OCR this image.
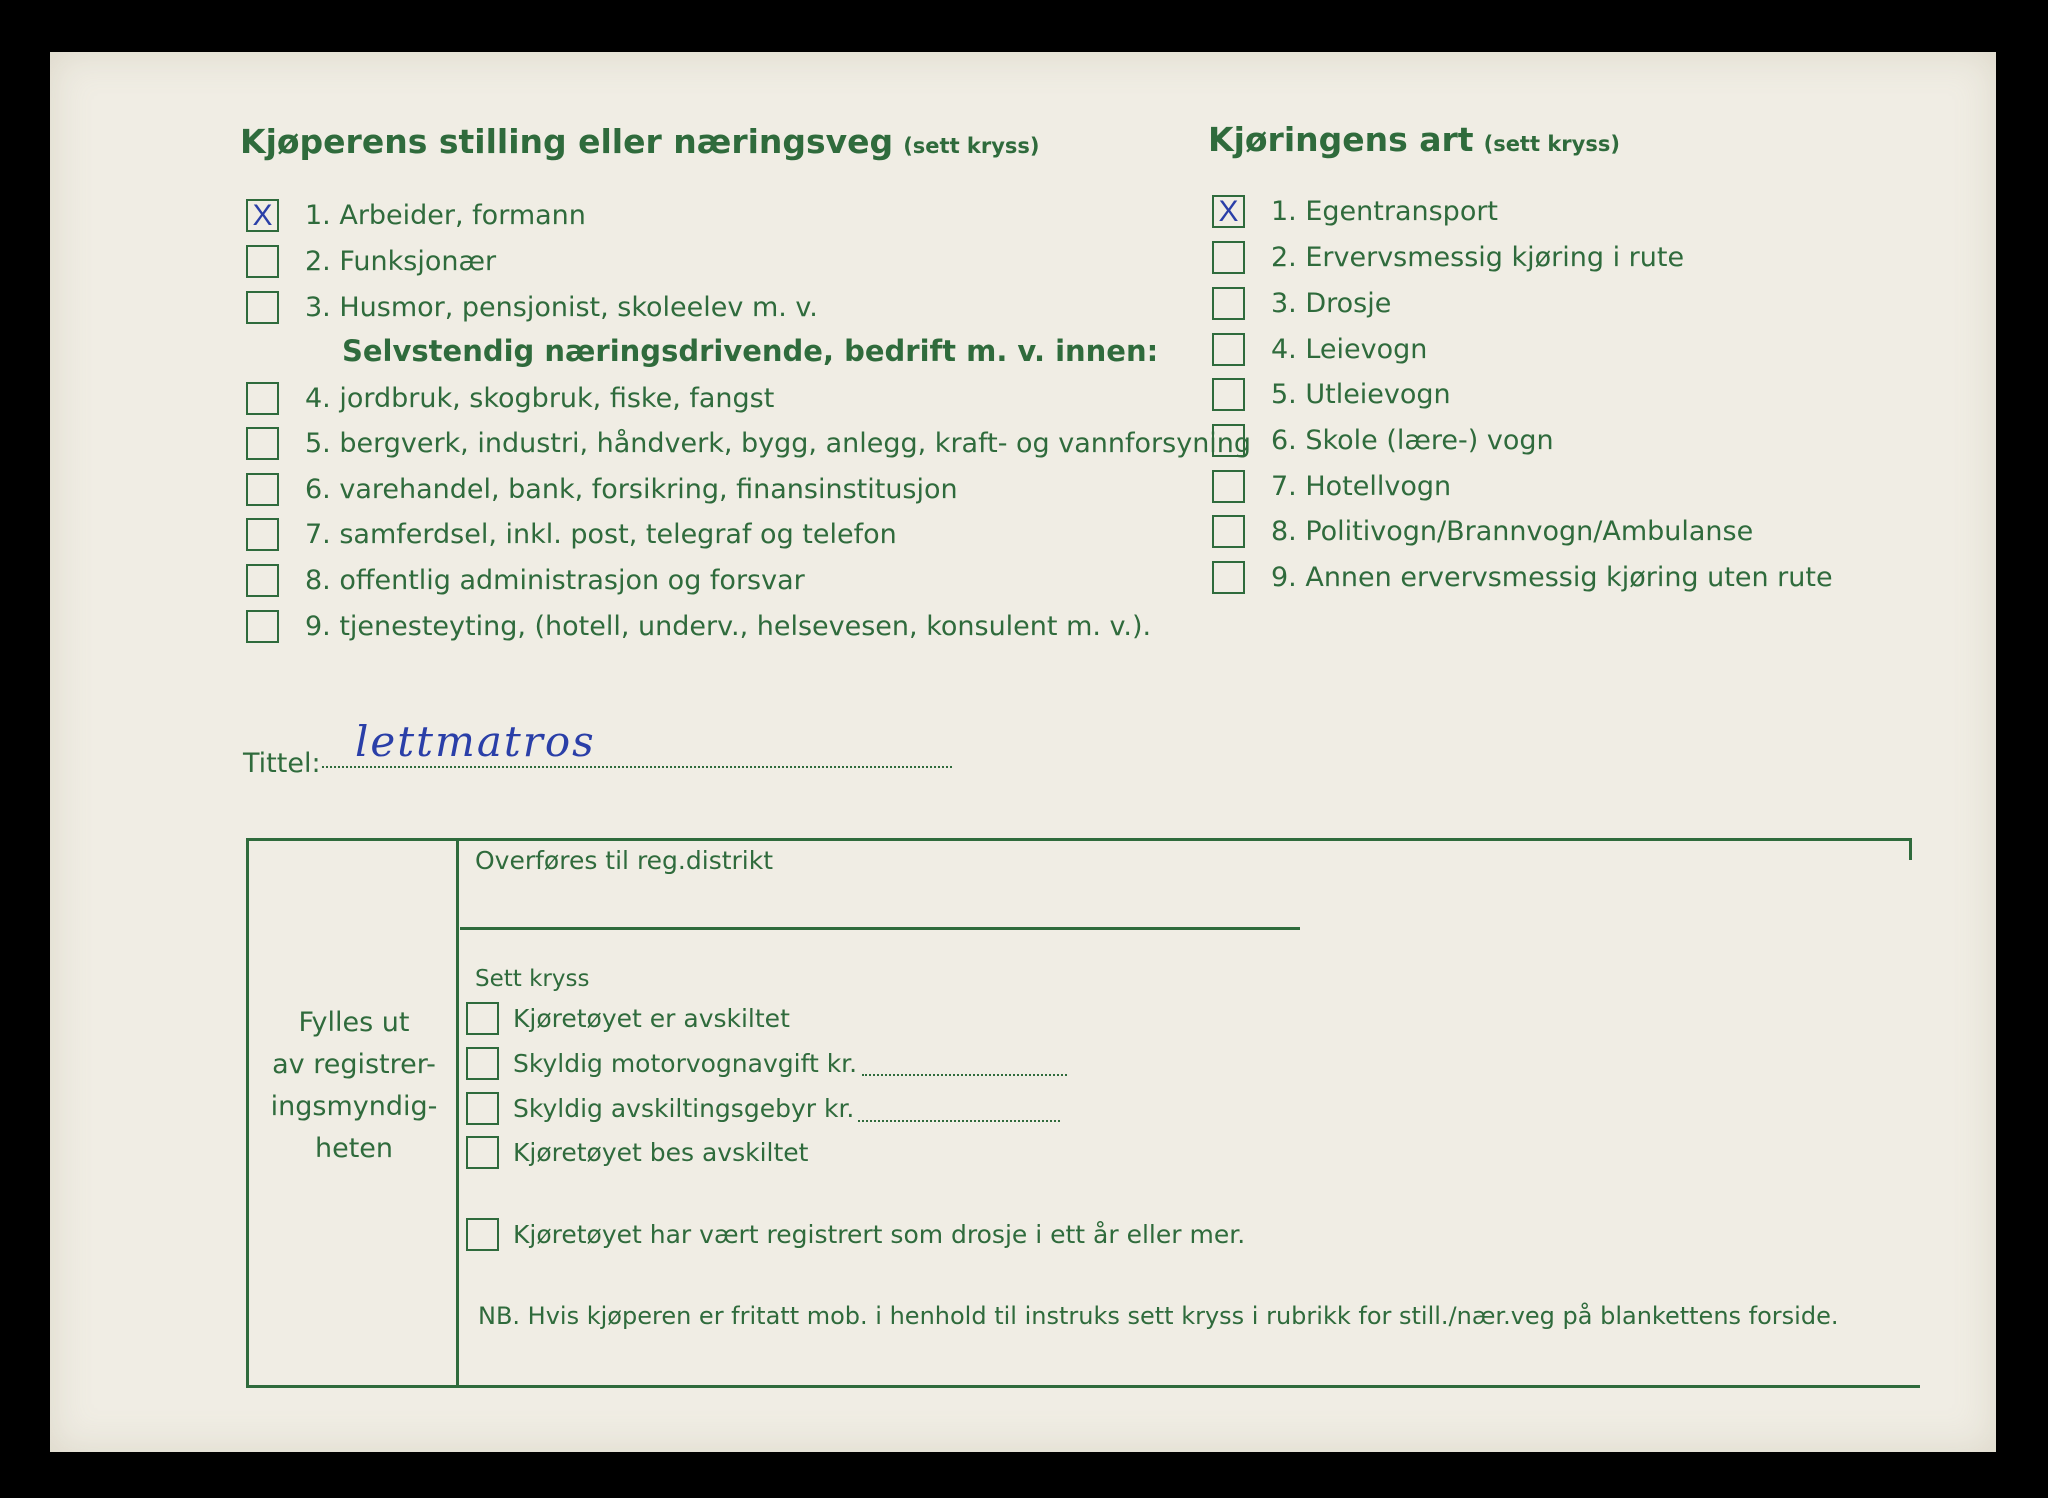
Kjøperens stilling eller næringsveg (sett kryss)
X 1. Arbeider, formann
2. Funksjonær
3. Husmor, pensjonist, skoleelev m. v.
Selvstendig næringsdrivende, bedrift m. v. innen:
4. jordbruk, skogbruk, fiske, fangst
5. bergverk, industri, håndverk, bygg, anlegg, kraft- og vannforsyning
6. varehandel, bank, forsikring, finansinstitusjon
7. samferdsel, inkl. post, telegraf og telefon
8. offentlig administrasjon og forsvar
9. tjenesteyting, (hotell, underv., helsevesen, konsulent m. v.).
Kjøringens art (sett kryss)
X 1. Egentransport
2. Ervervsmessig kjøring i rute
3. Drosje
4. Leievogn
5. Utleievogn
6. Skole (lære-) vogn
7. Hotellvogn
8. Politivogn/Brannvogn/Ambulanse
9. Annen ervervsmessig kjøring uten rute
Tittel: lettmatros
Fylles ut
av registrer-
ingsmyndig-
heten
Overføres til reg.distrikt
Sett kryss
Kjøretøyet er avskiltet
Skyldig motorvognavgift kr.
Skyldig avskiltingsgebyr kr.
Kjøretøyet bes avskiltet
Kjøretøyet har vært registrert som drosje i ett år eller mer.
NB. Hvis kjøperen er fritatt mob. i henhold til instruks sett kryss i rubrikk for still./nær.veg på blankettens forside.
